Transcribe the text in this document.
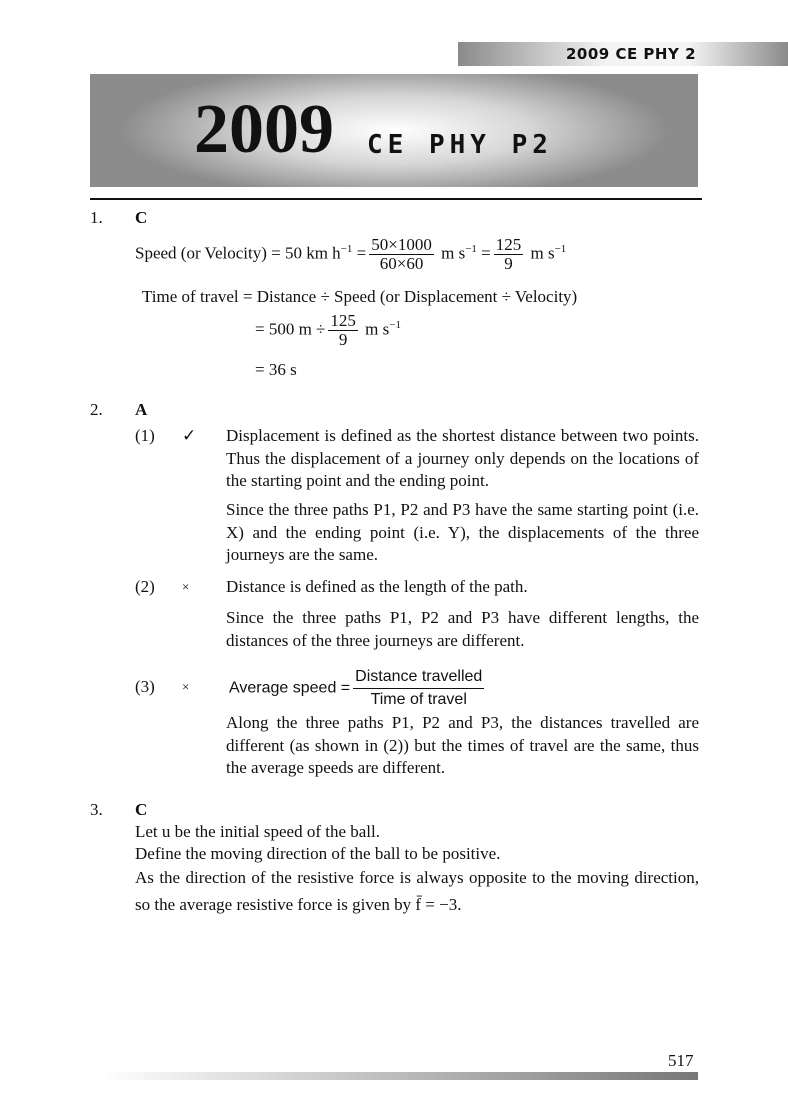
2009 CE PHY 2
2009 CE PHY P2
1. C
Speed (or Velocity) = 50 km $h^{-1} = \frac{50\times 1000}{60\times 60}$ m $s^{-1} = \frac{125}{9}$ m $s^{-1}$
Time of travel = Distance ÷ Speed (or Displacement ÷ Velocity)
= 500 $m \div \frac{125}{9}$ m $s^{-1}$
= 36 s
2. A
(1) ✓ Displacement is defined as the shortest distance between two points. Thus the displacement of a journey only depends on the locations of the starting point and the ending point.
Since the three paths P1, P2 and P3 have the same starting point (i.e. X) and the ending point (i.e. Y), the displacements of the three journeys are the same.
(2) × Distance is defined as the length of the path.
Since the three paths P1, P2 and P3 have different lengths, the distances of the three journeys are different.
(3) × Average speed = $\frac{\text{Distance travelled}}{\text{Time of travel}}$
Along the three paths P1, P2 and P3, the distances travelled are different (as shown in (2)) but the times of travel are the same, thus the average speeds are different.
3. C
Let u be the initial speed of the ball.
Define the moving direction of the ball to be positive.
As the direction of the resistive force is always opposite to the moving direction, so the average resistive force is given by f̄ = −3.
517
